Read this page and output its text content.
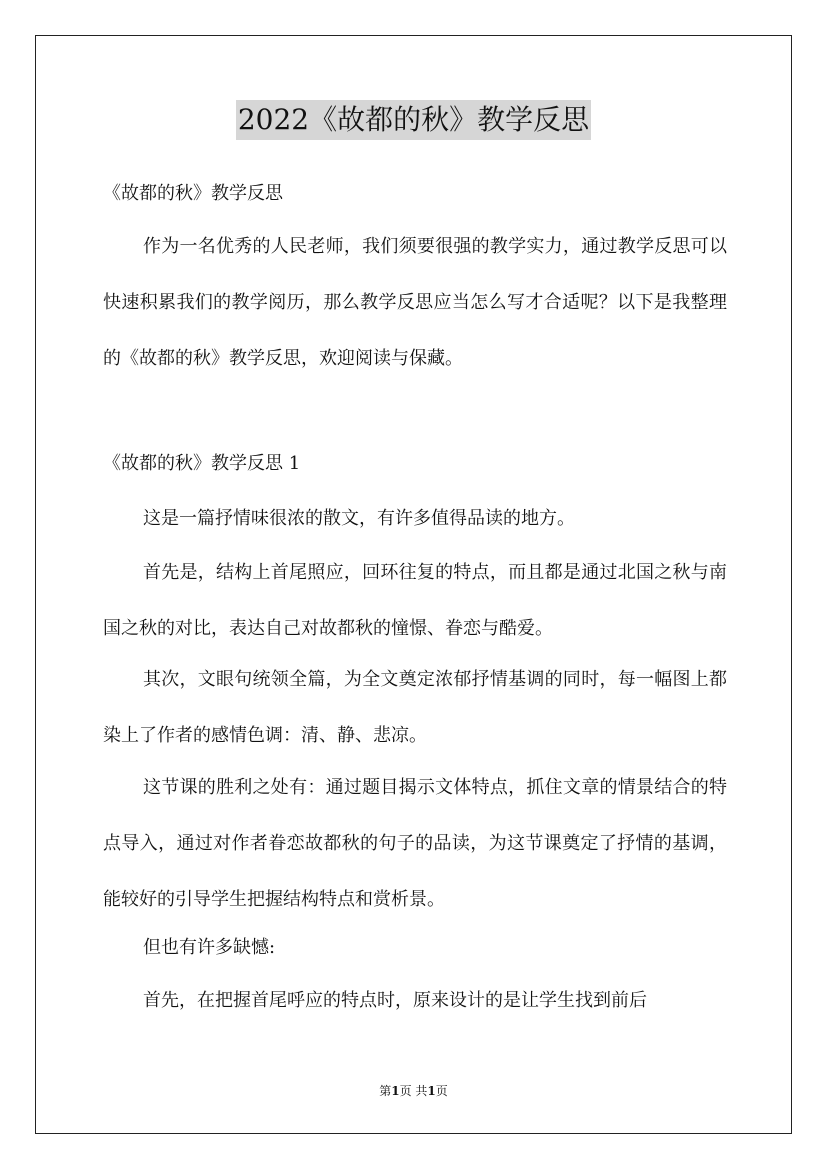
2022《故都的秋》教学反思
《故都的秋》教学反思
作为一名优秀的人民老师，我们须要很强的教学实力，通过教学反思可以快速积累我们的教学阅历，那么教学反思应当怎么写才合适呢？以下是我整理的《故都的秋》教学反思，欢迎阅读与保藏。
《故都的秋》教学反思 1
这是一篇抒情味很浓的散文，有许多值得品读的地方。
首先是，结构上首尾照应，回环往复的特点，而且都是通过北国之秋与南国之秋的对比，表达自己对故都秋的憧憬、眷恋与酷爱。
其次，文眼句统领全篇，为全文奠定浓郁抒情基调的同时，每一幅图上都染上了作者的感情色调：清、静、悲凉。
这节课的胜利之处有：通过题目揭示文体特点，抓住文章的情景结合的特点导入，通过对作者眷恋故都秋的句子的品读，为这节课奠定了抒情的基调，能较好的引导学生把握结构特点和赏析景。
但也有许多缺憾:
首先，在把握首尾呼应的特点时，原来设计的是让学生找到前后
第1页 共1页
